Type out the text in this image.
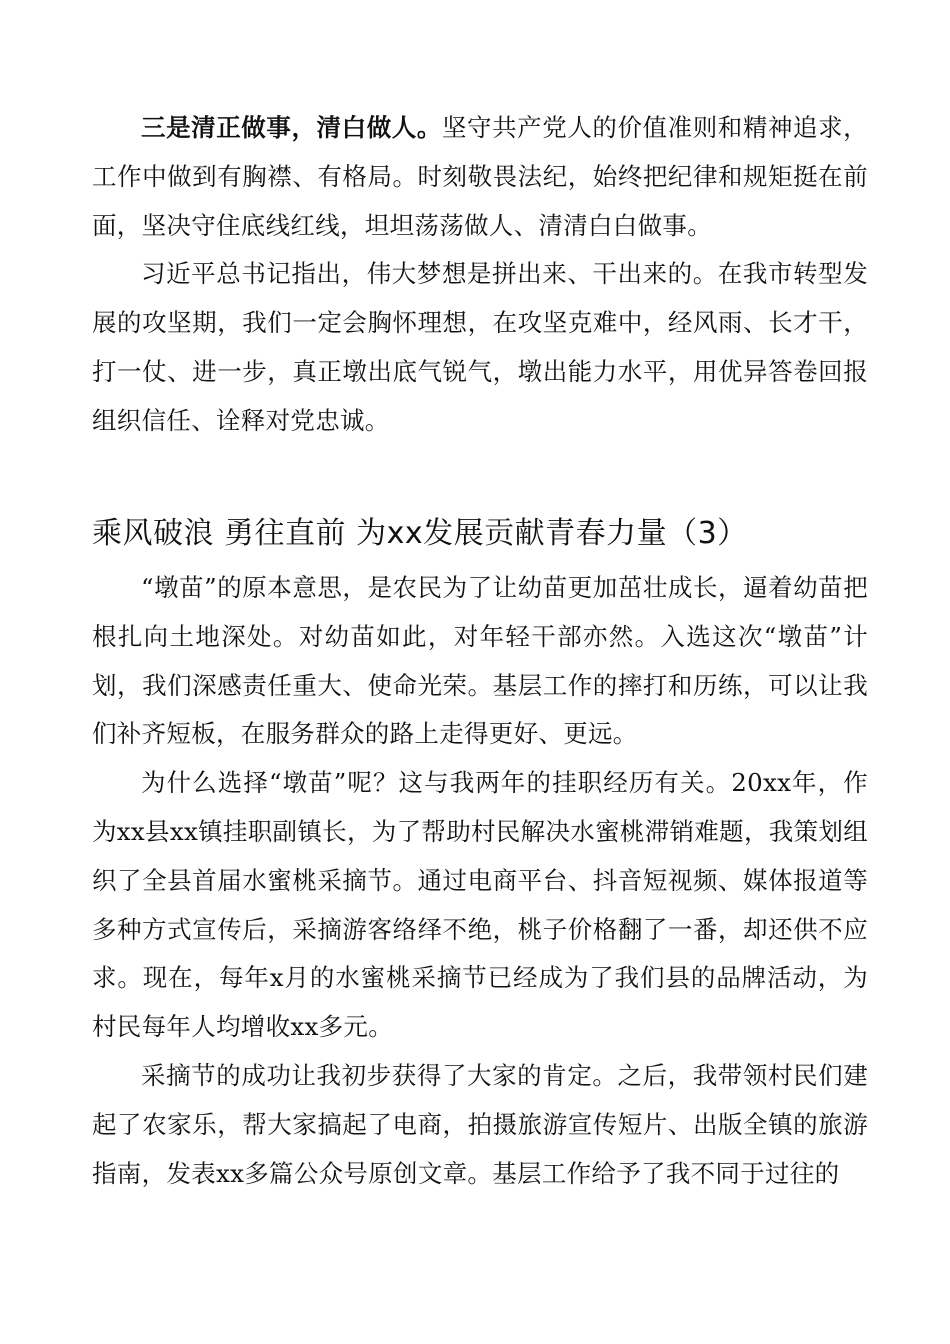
三是清正做事，清白做人。坚守共产党人的价值准则和精神追求，工作中做到有胸襟、有格局。时刻敬畏法纪，始终把纪律和规矩挺在前面，坚决守住底线红线，坦坦荡荡做人、清清白白做事。

习近平总书记指出，伟大梦想是拼出来、干出来的。在我市转型发展的攻坚期，我们一定会胸怀理想，在攻坚克难中，经风雨、长才干，打一仗、进一步，真正墩出底气锐气，墩出能力水平，用优异答卷回报组织信任、诠释对党忠诚。

乘风破浪 勇往直前 为xx发展贡献青春力量（3）

“墩苗”的原本意思，是农民为了让幼苗更加茁壮成长，逼着幼苗把根扎向土地深处。对幼苗如此，对年轻干部亦然。入选这次“墩苗”计划，我们深感责任重大、使命光荣。基层工作的摔打和历练，可以让我们补齐短板，在服务群众的路上走得更好、更远。

为什么选择“墩苗”呢？这与我两年的挂职经历有关。20xx年，作为xx县xx镇挂职副镇长，为了帮助村民解决水蜜桃滞销难题，我策划组织了全县首届水蜜桃采摘节。通过电商平台、抖音短视频、媒体报道等多种方式宣传后，采摘游客络绎不绝，桃子价格翻了一番，却还供不应求。现在，每年x月的水蜜桃采摘节已经成为了我们县的品牌活动，为村民每年人均增收xx多元。

采摘节的成功让我初步获得了大家的肯定。之后，我带领村民们建起了农家乐，帮大家搞起了电商，拍摄旅游宣传短片、出版全镇的旅游指南，发表xx多篇公众号原创文章。基层工作给予了我不同于过往的
